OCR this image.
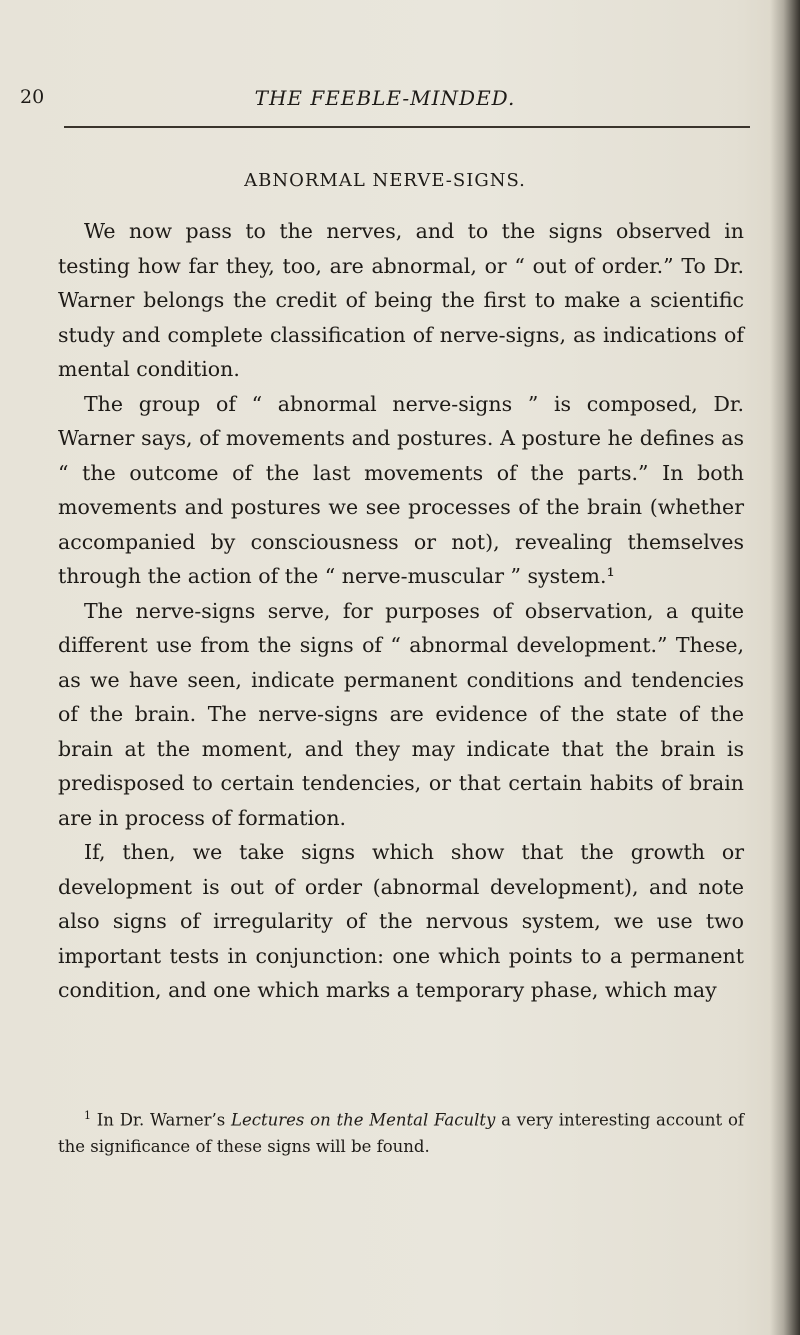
20	THE FEEBLE-MINDED.
ABNORMAL NERVE-SIGNS.

We now pass to the nerves, and to the signs observed in testing how far they, too, are abnormal, or “ out of order.” To Dr. Warner belongs the credit of being the first to make a scientific study and complete classification of nerve-signs, as indications of mental condition.

The group of “ abnormal nerve-signs ” is composed, Dr. Warner says, of movements and postures. A posture he defines as “ the outcome of the last movements of the parts.” In both movements and postures we see processes of the brain (whether accompanied by consciousness or not), revealing themselves through the action of the “ nerve-muscular ” system.¹

The nerve-signs serve, for purposes of observation, a quite different use from the signs of “ abnormal development.” These, as we have seen, indicate permanent conditions and tendencies of the brain. The nerve-signs are evidence of the state of the brain at the moment, and they may indicate that the brain is predisposed to certain tendencies, or that certain habits of brain are in process of formation.

If, then, we take signs which show that the growth or development is out of order (abnormal development), and note also signs of irregularity of the nervous system, we use two important tests in conjunction: one which points to a permanent condition, and one which marks a temporary phase, which may

$^1$ In Dr. Warner’s Lectures on the Mental Faculty a very interesting account of the significance of these signs will be found.
